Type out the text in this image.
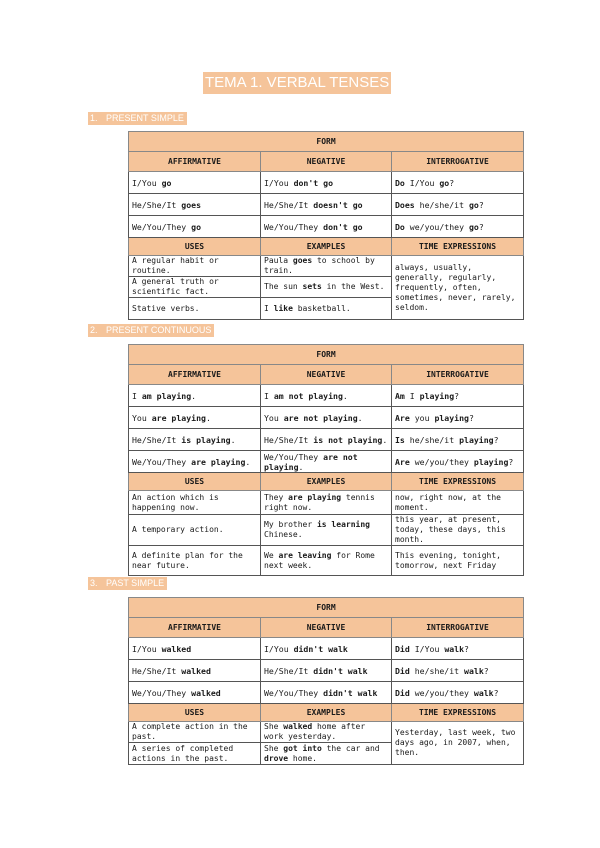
TEMA 1. VERBAL TENSES
1. PRESENT SIMPLE
FORM		
AFFIRMATIVE	NEGATIVE	INTERROGATIVE
I/You go	I/You don't go	Do I/You go?
He/She/It goes	He/She/It doesn't go	Does he/she/it go?
We/You/They go	We/You/They don't go	Do we/you/they go?
USES	EXAMPLES	TIME EXPRESSIONS
A regular habit or routine.	Paula goes to school by train.	always, usually, generally, regularly, frequently, often, sometimes, never, rarely, seldom.
A general truth or scientific fact.	The sun sets in the West.	
Stative verbs.	I like basketball.	
2. PRESENT CONTINUOUS
FORM		
AFFIRMATIVE	NEGATIVE	INTERROGATIVE
I am playing.	I am not playing.	Am I playing?
You are playing.	You are not playing.	Are you playing?
He/She/It is playing.	He/She/It is not playing.	Is he/she/it playing?
We/You/They are playing.	We/You/They are not playing.	Are we/you/they playing?
USES	EXAMPLES	TIME EXPRESSIONS
An action which is happening now.	They are playing tennis right now.	now, right now, at the moment.
A temporary action.	My brother is learning Chinese.	this year, at present, today, these days, this month.
A definite plan for the near future.	We are leaving for Rome next week.	This evening, tonight, tomorrow, next Friday
3. PAST SIMPLE
FORM		
AFFIRMATIVE	NEGATIVE	INTERROGATIVE
I/You walked	I/You didn't walk	Did I/You walk?
He/She/It walked	He/She/It didn't walk	Did he/she/it walk?
We/You/They walked	We/You/They didn't walk	Did we/you/they walk?
USES	EXAMPLES	TIME EXPRESSIONS
A complete action in the past.	She walked home after work yesterday.	Yesterday, last week, two days ago, in 2007, when, then.
A series of completed actions in the past.	She got into the car and drove home.	
